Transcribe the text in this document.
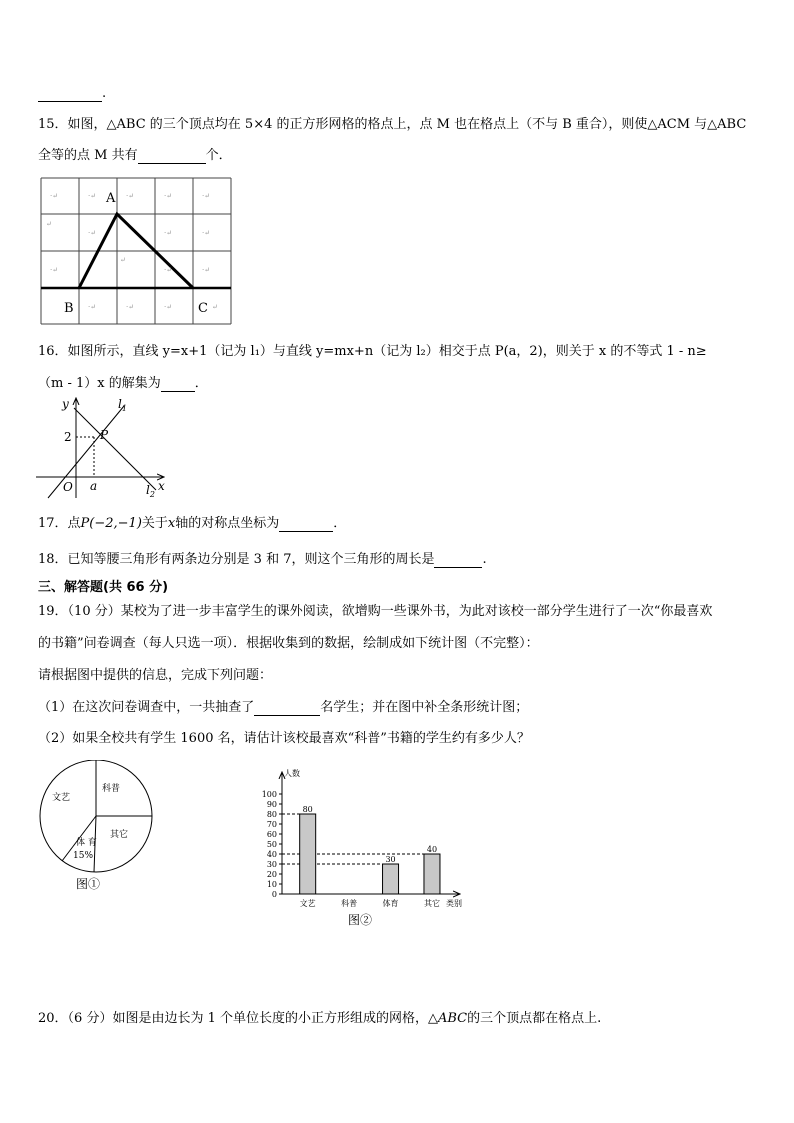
.
15．如图，△ABC 的三个顶点均在 5×4 的正方形网格的格点上，点 M 也在格点上（不与 B 重合），则使△ACM 与△ABC
全等的点 M 共有	个．
·↵	·↵	·↵	·↵	·↵
↵
·↵	·↵	·↵
·↵
↵
·↵	·↵
·↵	·↵	·↵	↵
A
B	C
16．如图所示，直线 y=x+1（记为 l₁）与直线 y=mx+n（记为 l₂）相交于点 P(a，2)，则关于 x 的不等式 1 - n≥
（m - 1）x 的解集为	．
y
x
O a
2 P
$l_1$
$l_2$
17．点P(−2,−1)关于x轴的对称点坐标为	．
18．已知等腰三角形有两条边分别是 3 和 7，则这个三角形的周长是	.
三、解答题(共 66 分)
19．（10 分）某校为了进一步丰富学生的课外阅读，欲增购一些课外书，为此对该校一部分学生进行了一次“你最喜欢
的书籍”问卷调查（每人只选一项）．根据收集到的数据，绘制成如下统计图（不完整）：
请根据图中提供的信息，完成下列问题：
（1）在这次问卷调查中，一共抽查了	名学生；并在图中补全条形统计图；
（2）如果全校共有学生 1600 名，请估计该校最喜欢“科普”书籍的学生约有多少人？
文艺
科普
其它
体 育
15%
图①
人数
类别
0
10
20
30
40
50
60
70
80
90
100
80
文艺	科普
30
体育
40
其它
图②
20．（6 分）如图是由边长为 1 个单位长度的小正方形组成的网格，△ABC的三个顶点都在格点上.
